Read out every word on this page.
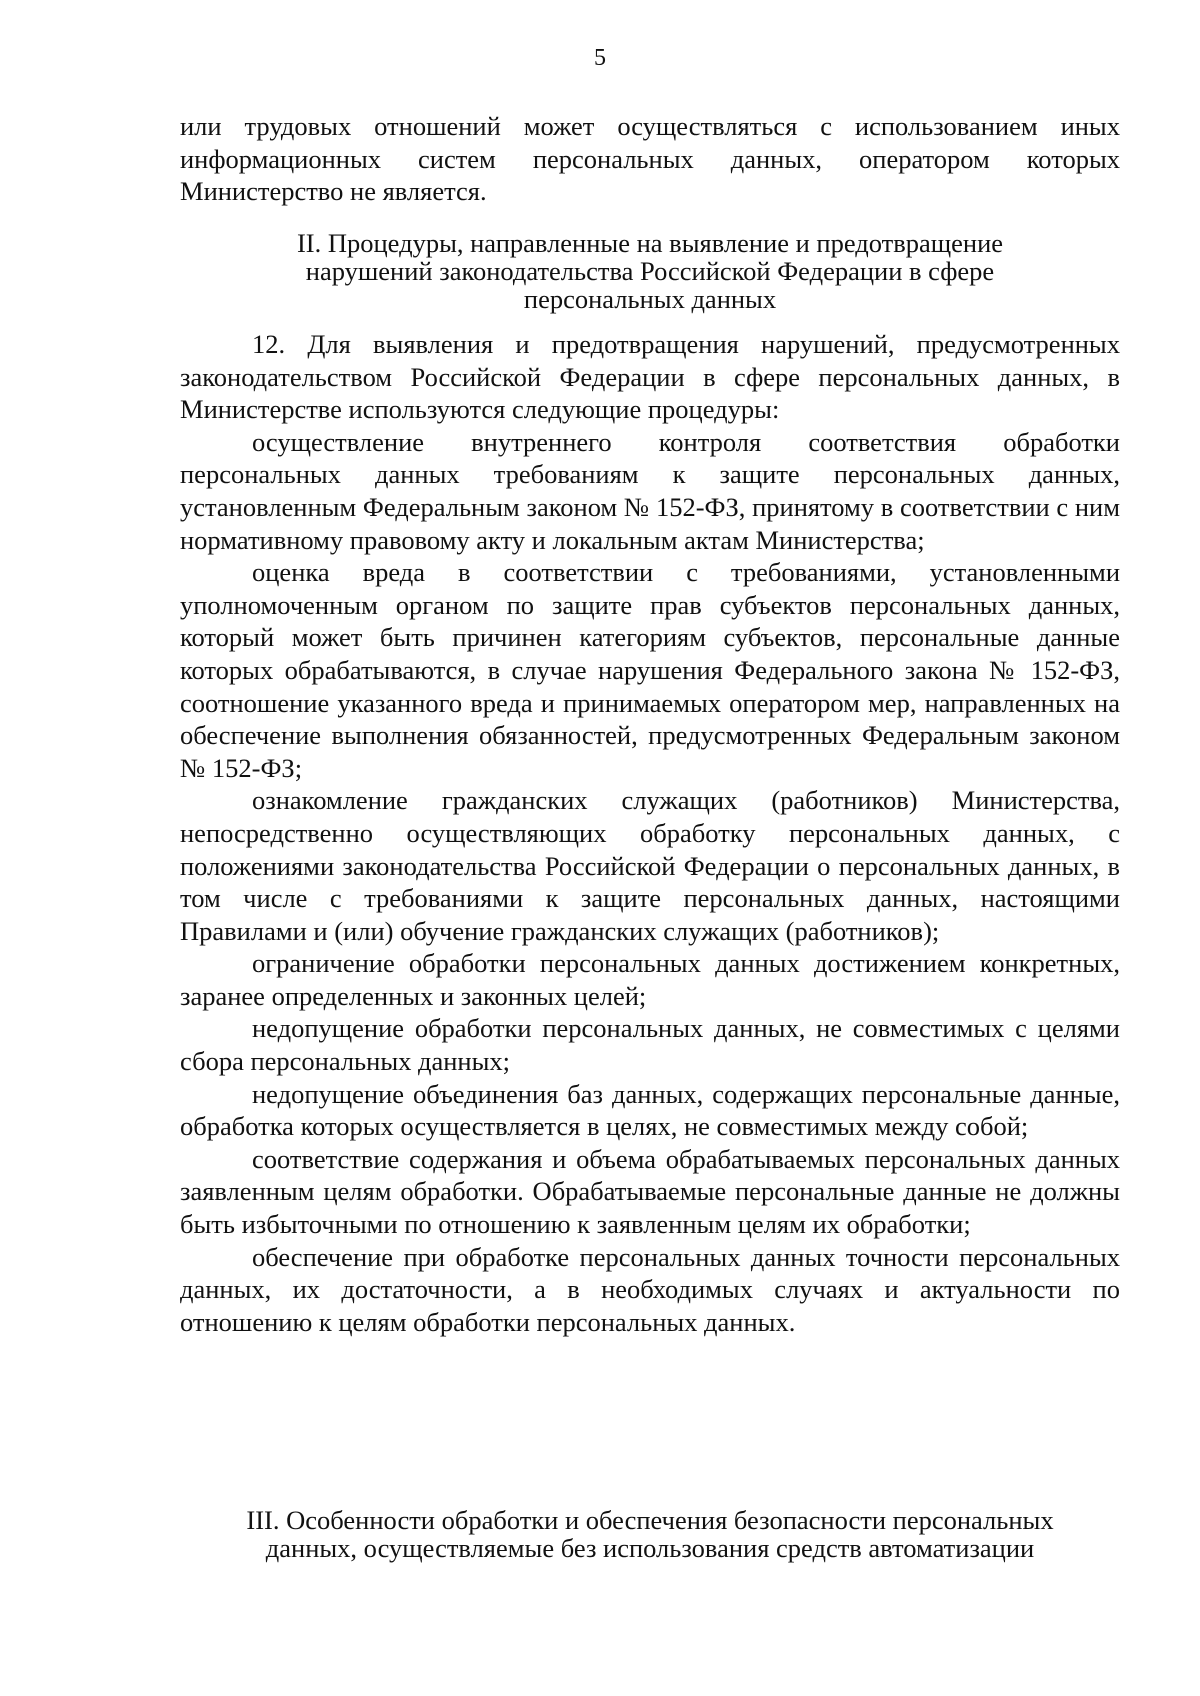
5

или трудовых отношений может осуществляться с использованием иных информационных систем персональных данных, оператором которых Министерство не является.

II. Процедуры, направленные на выявление и предотвращение
нарушений законодательства Российской Федерации в сфере
персональных данных

12. Для выявления и предотвращения нарушений, предусмотренных законодательством Российской Федерации в сфере персональных данных, в Министерстве используются следующие процедуры:

осуществление внутреннего контроля соответствия обработки персональных данных требованиям к защите персональных данных, установленным Федеральным законом № 152-ФЗ, принятому в соответствии с ним нормативному правовому акту и локальным актам Министерства;

оценка вреда в соответствии с требованиями, установленными уполномоченным органом по защите прав субъектов персональных данных, который может быть причинен категориям субъектов, персональные данные которых обрабатываются, в случае нарушения Федерального закона № 152-ФЗ, соотношение указанного вреда и принимаемых оператором мер, направленных на обеспечение выполнения обязанностей, предусмотренных Федеральным законом № 152-ФЗ;

ознакомление гражданских служащих (работников) Министерства, непосредственно осуществляющих обработку персональных данных, с положениями законодательства Российской Федерации о персональных данных, в том числе с требованиями к защите персональных данных, настоящими Правилами и (или) обучение гражданских служащих (работников);

ограничение обработки персональных данных достижением конкретных, заранее определенных и законных целей;

недопущение обработки персональных данных, не совместимых с целями сбора персональных данных;

недопущение объединения баз данных, содержащих персональные данные, обработка которых осуществляется в целях, не совместимых между собой;

соответствие содержания и объема обрабатываемых персональных данных заявленным целям обработки. Обрабатываемые персональные данные не должны быть избыточными по отношению к заявленным целям их обработки;

обеспечение при обработке персональных данных точности персональных данных, их достаточности, а в необходимых случаях и актуальности по отношению к целям обработки персональных данных.

III. Особенности обработки и обеспечения безопасности персональных
данных, осуществляемые без использования средств автоматизации
